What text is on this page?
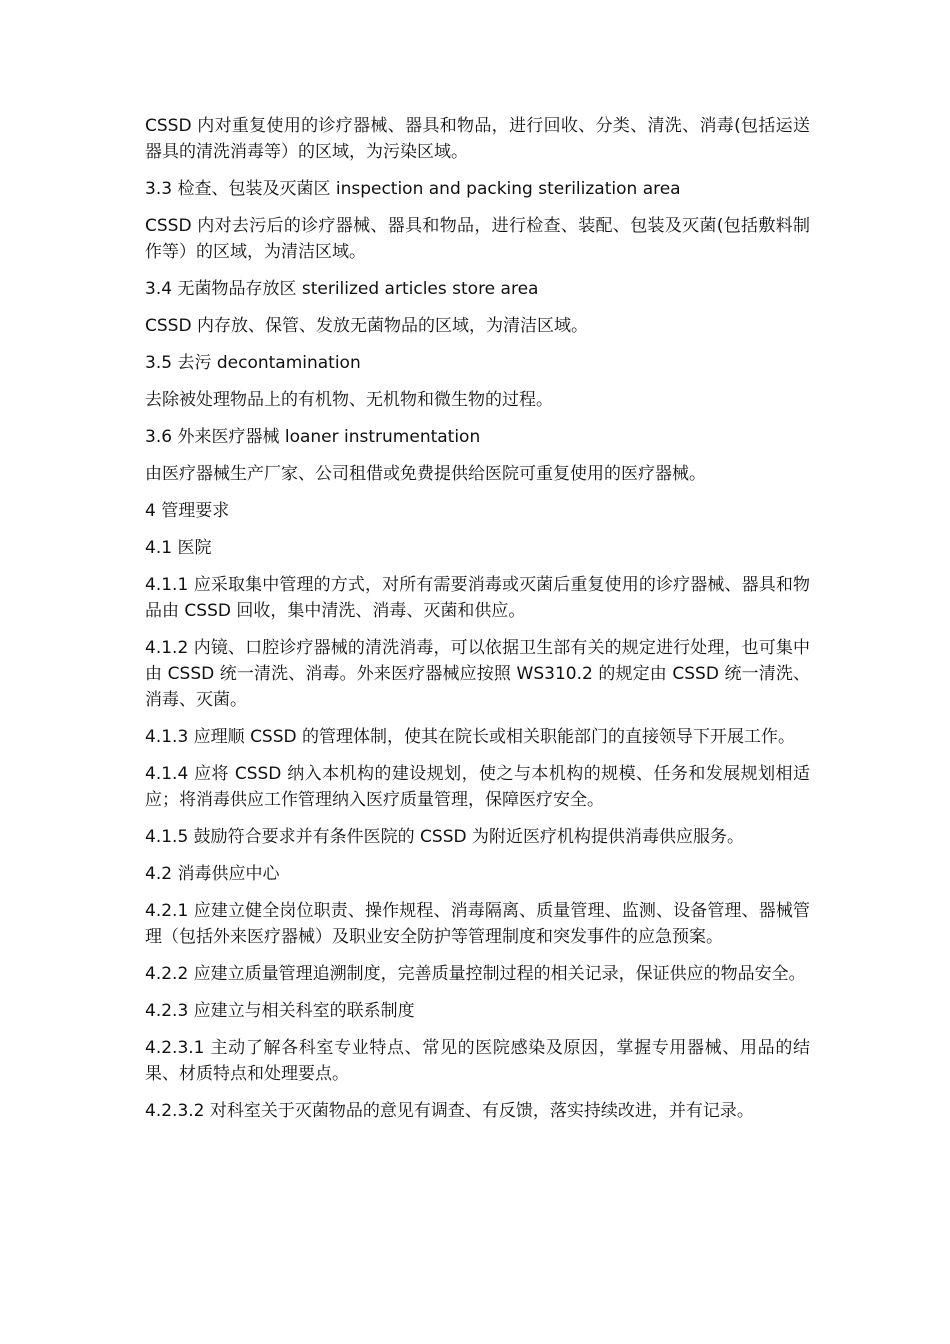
CSSD 内对重复使用的诊疗器械、器具和物品，进行回收、分类、清洗、消毒(包括运送器具的清洗消毒等）的区域，为污染区域。

3.3 检查、包装及灭菌区 inspection and packing sterilization area

CSSD 内对去污后的诊疗器械、器具和物品，进行检查、装配、包装及灭菌(包括敷料制作等）的区域，为清洁区域。

3.4 无菌物品存放区 sterilized articles store area

CSSD 内存放、保管、发放无菌物品的区域，为清洁区域。

3.5 去污 decontamination

去除被处理物品上的有机物、无机物和微生物的过程。

3.6 外来医疗器械 loaner instrumentation

由医疗器械生产厂家、公司租借或免费提供给医院可重复使用的医疗器械。

4 管理要求

4.1 医院

4.1.1 应采取集中管理的方式，对所有需要消毒或灭菌后重复使用的诊疗器械、器具和物品由 CSSD 回收，集中清洗、消毒、灭菌和供应。

4.1.2 内镜、口腔诊疗器械的清洗消毒，可以依据卫生部有关的规定进行处理，也可集中由 CSSD 统一清洗、消毒。外来医疗器械应按照 WS310.2 的规定由 CSSD 统一清洗、消毒、灭菌。

4.1.3 应理顺 CSSD 的管理体制，使其在院长或相关职能部门的直接领导下开展工作。

4.1.4 应将 CSSD 纳入本机构的建设规划，使之与本机构的规模、任务和发展规划相适应；将消毒供应工作管理纳入医疗质量管理，保障医疗安全。

4.1.5 鼓励符合要求并有条件医院的 CSSD 为附近医疗机构提供消毒供应服务。

4.2 消毒供应中心

4.2.1 应建立健全岗位职责、操作规程、消毒隔离、质量管理、监测、设备管理、器械管理（包括外来医疗器械）及职业安全防护等管理制度和突发事件的应急预案。

4.2.2 应建立质量管理追溯制度，完善质量控制过程的相关记录，保证供应的物品安全。

4.2.3 应建立与相关科室的联系制度

4.2.3.1 主动了解各科室专业特点、常见的医院感染及原因，掌握专用器械、用品的结果、材质特点和处理要点。

4.2.3.2 对科室关于灭菌物品的意见有调查、有反馈，落实持续改进，并有记录。
